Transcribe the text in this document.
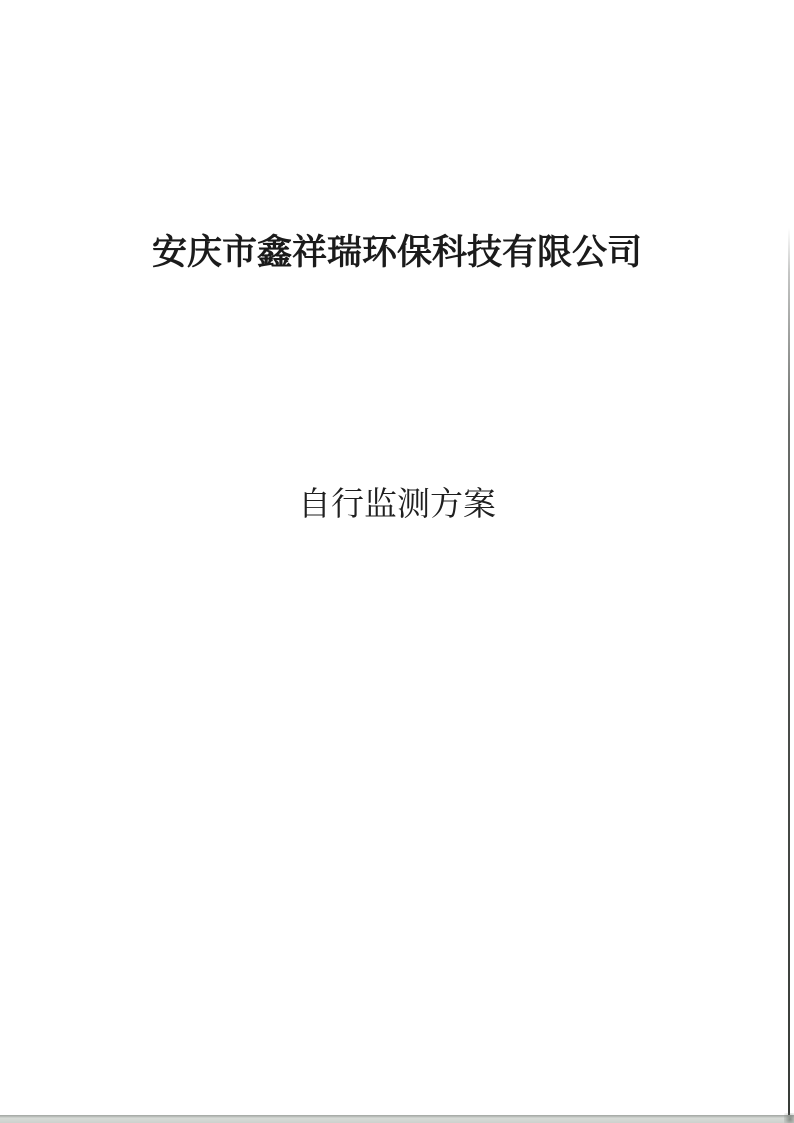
安庆市鑫祥瑞环保科技有限公司
自行监测方案
